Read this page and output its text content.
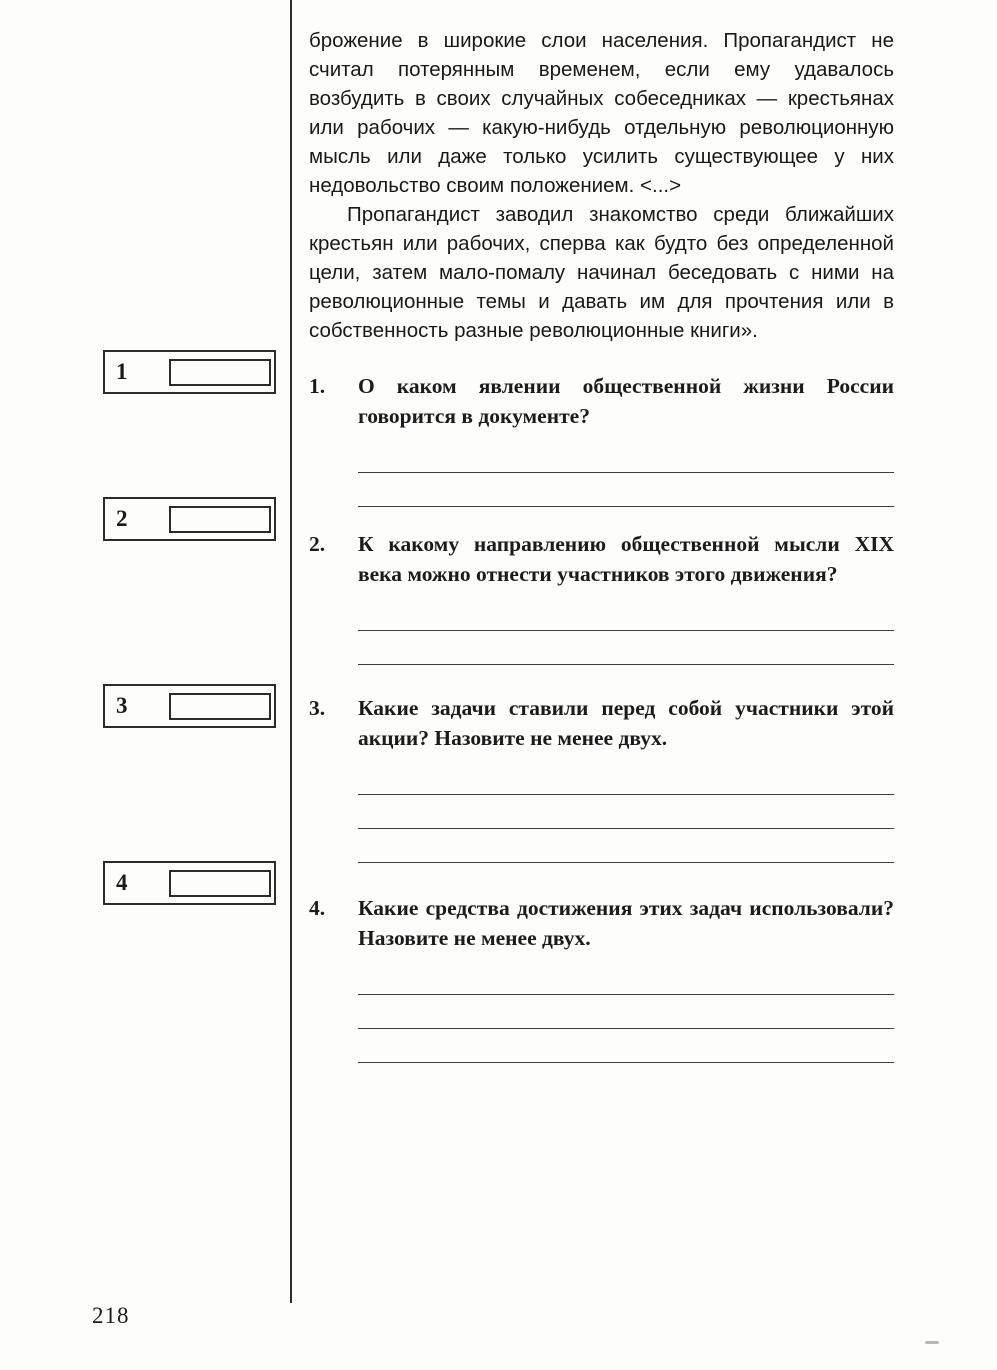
1
2
3
4

брожение в широкие слои населения. Пропагандист не считал потерянным временем, если ему удавалось возбудить в своих случайных собеседниках — крестьянах или рабочих — какую-нибудь отдельную революционную мысль или даже только усилить существующее у них недовольство своим положением. <...>

Пропагандист заводил знакомство среди ближайших крестьян или рабочих, сперва как будто без определенной цели, затем мало-помалу начинал беседовать с ними на революционные темы и давать им для прочтения или в собственность разные революционные книги».

1.	О каком явлении общественной жизни России говорится в документе?
2.	К какому направлению общественной мысли XIX века можно отнести участников этого движения?
3.	Какие задачи ставили перед собой участники этой акции? Назовите не менее двух.
4.	Какие средства достижения этих задач использовали? Назовите не менее двух.
218
